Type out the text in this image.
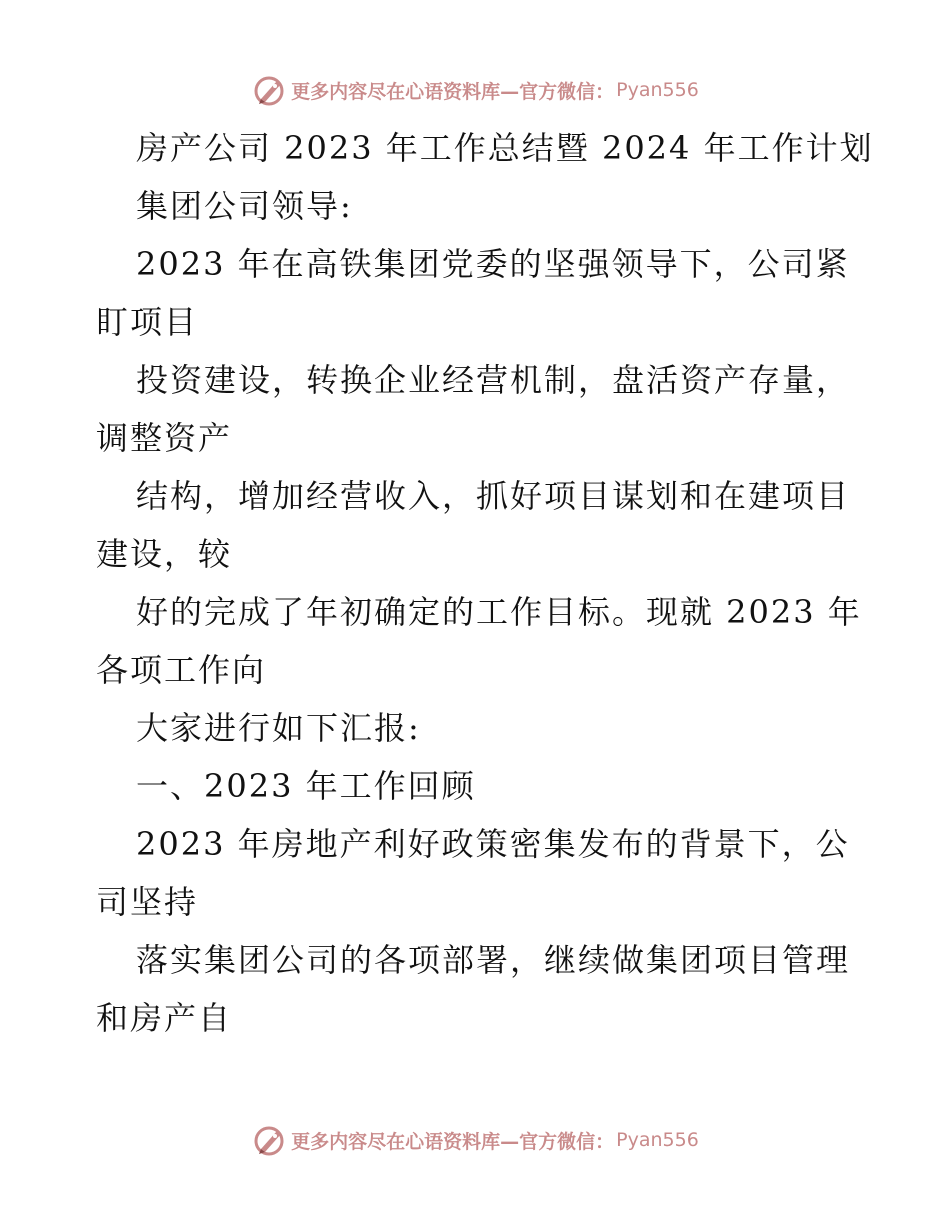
更多内容尽在心语资料库—官方微信： Pyan556
房产公司 2023 年工作总结暨 2024 年工作计划
集团公司领导:
2023 年在高铁集团党委的坚强领导下，公司紧
盯项目
投资建设，转换企业经营机制，盘活资产存量，
调整资产
结构，增加经营收入，抓好项目谋划和在建项目
建设，较
好的完成了年初确定的工作目标。现就 2023 年
各项工作向
大家进行如下汇报:
一、2023 年工作回顾
2023 年房地产利好政策密集发布的背景下，公
司坚持
落实集团公司的各项部署，继续做集团项目管理
和房产自
更多内容尽在心语资料库—官方微信： Pyan556
